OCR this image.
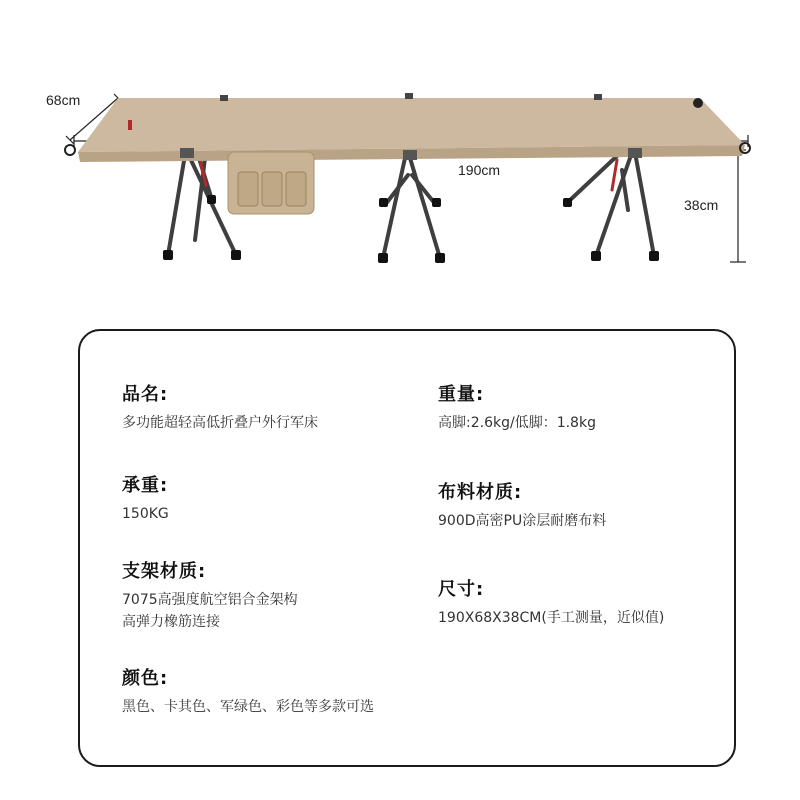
68cm
190cm
38cm
品名:
多功能超轻高低折叠户外行军床
重量:
高脚:2.6kg/低脚：1.8kg
承重:
150KG
布料材质:
900D高密PU涂层耐磨布料
支架材质:
7075高强度航空铝合金架构
高弹力橡筋连接
尺寸:
190X68X38CM(手工测量，近似值)
颜色:
黑色、卡其色、军绿色、彩色等多款可选
